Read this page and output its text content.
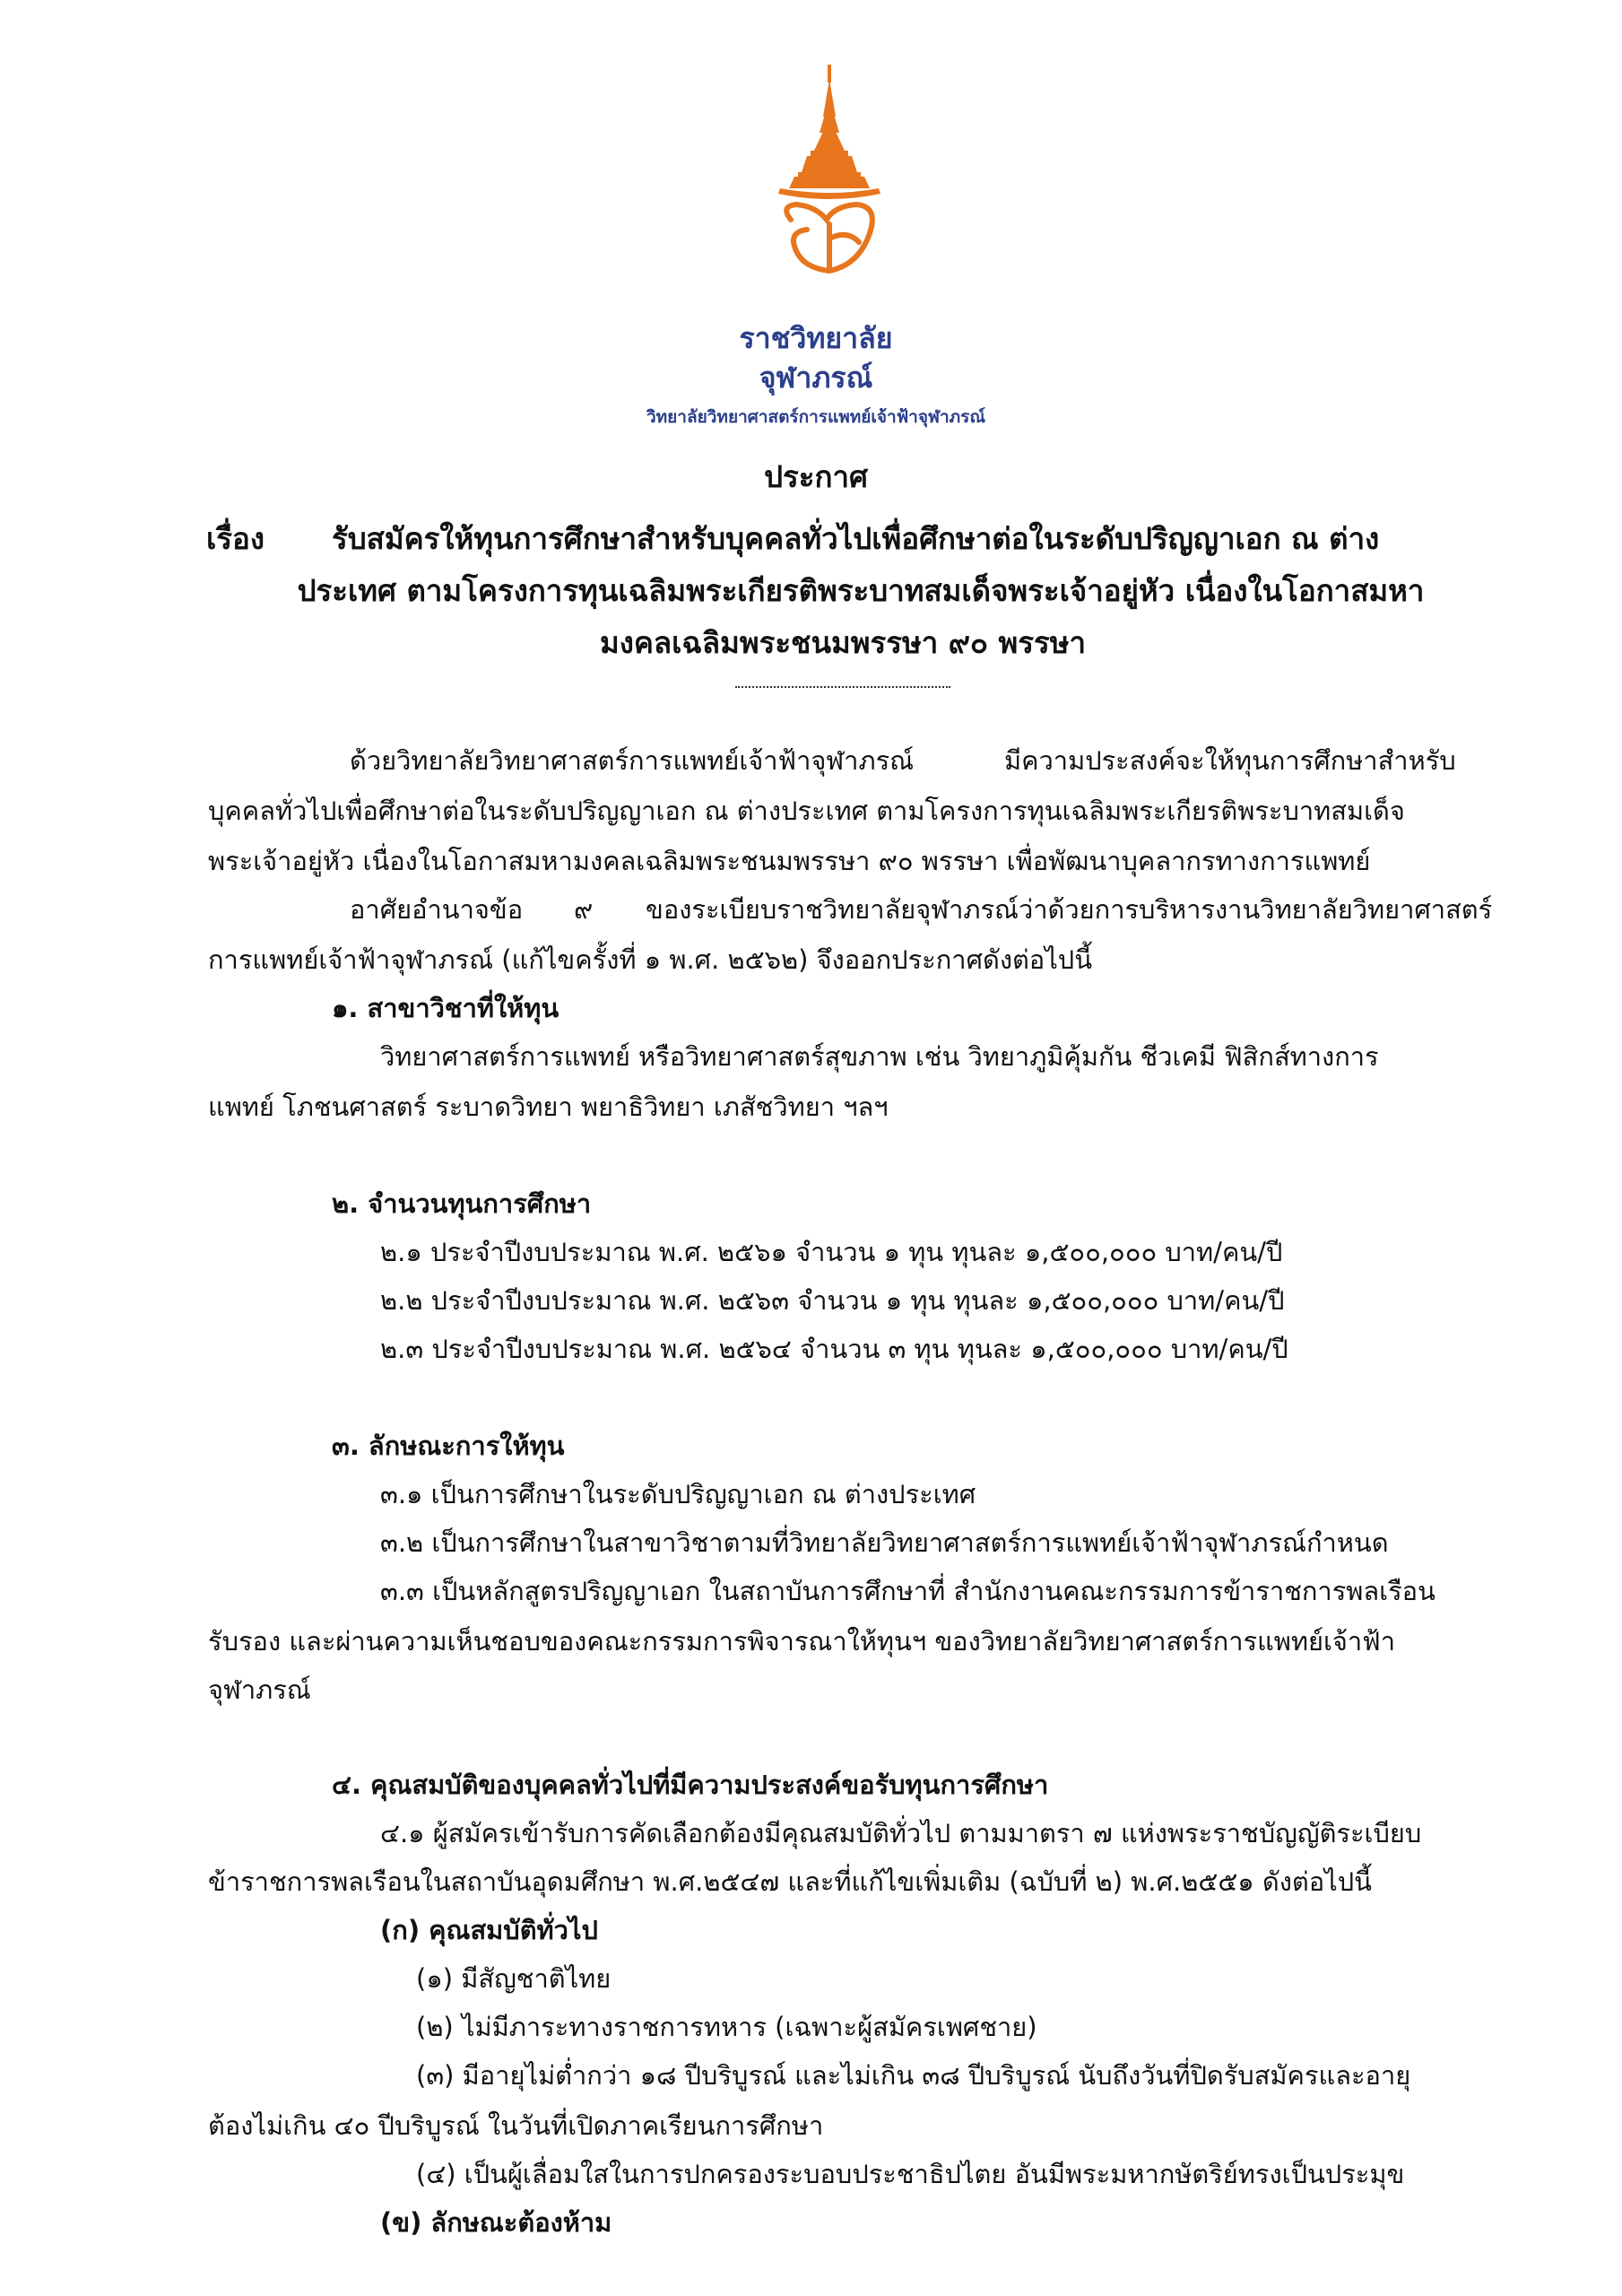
ราชวิทยาลัย
จุฬาภรณ์
วิทยาลัยวิทยาศาสตร์การแพทย์เจ้าฟ้าจุฬาภรณ์
ประกาศ
เรื่อง รับสมัครให้ทุนการศึกษาสำหรับบุคคลทั่วไปเพื่อศึกษาต่อในระดับปริญญาเอก ณ ต่าง
ประเทศ ตามโครงการทุนเฉลิมพระเกียรติพระบาทสมเด็จพระเจ้าอยู่หัว เนื่องในโอกาสมหา
มงคลเฉลิมพระชนมพรรษา ๙๐ พรรษา
ด้วยวิทยาลัยวิทยาศาสตร์การแพทย์เจ้าฟ้าจุฬาภรณ์	มีความประสงค์จะให้ทุนการศึกษาสำหรับ
บุคคลทั่วไปเพื่อศึกษาต่อในระดับปริญญาเอก ณ ต่างประเทศ ตามโครงการทุนเฉลิมพระเกียรติพระบาทสมเด็จ
พระเจ้าอยู่หัว เนื่องในโอกาสมหามงคลเฉลิมพระชนมพรรษา ๙๐ พรรษา เพื่อพัฒนาบุคลากรทางการแพทย์
อาศัยอำนาจข้อ ๙ ของระเบียบราชวิทยาลัยจุฬาภรณ์ว่าด้วยการบริหารงานวิทยาลัยวิทยาศาสตร์
การแพทย์เจ้าฟ้าจุฬาภรณ์ (แก้ไขครั้งที่ ๑ พ.ศ. ๒๕๖๒) จึงออกประกาศดังต่อไปนี้
๑. สาขาวิชาที่ให้ทุน
วิทยาศาสตร์การแพทย์ หรือวิทยาศาสตร์สุขภาพ เช่น วิทยาภูมิคุ้มกัน ชีวเคมี ฟิสิกส์ทางการ
แพทย์ โภชนศาสตร์ ระบาดวิทยา พยาธิวิทยา เภสัชวิทยา ฯลฯ
๒. จำนวนทุนการศึกษา
๒.๑ ประจำปีงบประมาณ พ.ศ. ๒๕๖๑ จำนวน ๑ ทุน ทุนละ ๑,๕๐๐,๐๐๐ บาท/คน/ปี
๒.๒ ประจำปีงบประมาณ พ.ศ. ๒๕๖๓ จำนวน ๑ ทุน ทุนละ ๑,๕๐๐,๐๐๐ บาท/คน/ปี
๒.๓ ประจำปีงบประมาณ พ.ศ. ๒๕๖๔ จำนวน ๓ ทุน ทุนละ ๑,๕๐๐,๐๐๐ บาท/คน/ปี
๓. ลักษณะการให้ทุน
๓.๑ เป็นการศึกษาในระดับปริญญาเอก ณ ต่างประเทศ
๓.๒ เป็นการศึกษาในสาขาวิชาตามที่วิทยาลัยวิทยาศาสตร์การแพทย์เจ้าฟ้าจุฬาภรณ์กำหนด
๓.๓ เป็นหลักสูตรปริญญาเอก ในสถาบันการศึกษาที่ สำนักงานคณะกรรมการข้าราชการพลเรือน
รับรอง และผ่านความเห็นชอบของคณะกรรมการพิจารณาให้ทุนฯ ของวิทยาลัยวิทยาศาสตร์การแพทย์เจ้าฟ้า
จุฬาภรณ์
๔. คุณสมบัติของบุคคลทั่วไปที่มีความประสงค์ขอรับทุนการศึกษา
๔.๑ ผู้สมัครเข้ารับการคัดเลือกต้องมีคุณสมบัติทั่วไป ตามมาตรา ๗ แห่งพระราชบัญญัติระเบียบ
ข้าราชการพลเรือนในสถาบันอุดมศึกษา พ.ศ.๒๕๔๗ และที่แก้ไขเพิ่มเติม (ฉบับที่ ๒) พ.ศ.๒๕๕๑ ดังต่อไปนี้
(ก) คุณสมบัติทั่วไป
(๑) มีสัญชาติไทย
(๒) ไม่มีภาระทางราชการทหาร (เฉพาะผู้สมัครเพศชาย)
(๓) มีอายุไม่ต่ำกว่า ๑๘ ปีบริบูรณ์ และไม่เกิน ๓๘ ปีบริบูรณ์ นับถึงวันที่ปิดรับสมัครและอายุ
ต้องไม่เกิน ๔๐ ปีบริบูรณ์ ในวันที่เปิดภาคเรียนการศึกษา
(๔) เป็นผู้เลื่อมใสในการปกครองระบอบประชาธิปไตย อันมีพระมหากษัตริย์ทรงเป็นประมุข
(ข) ลักษณะต้องห้าม
